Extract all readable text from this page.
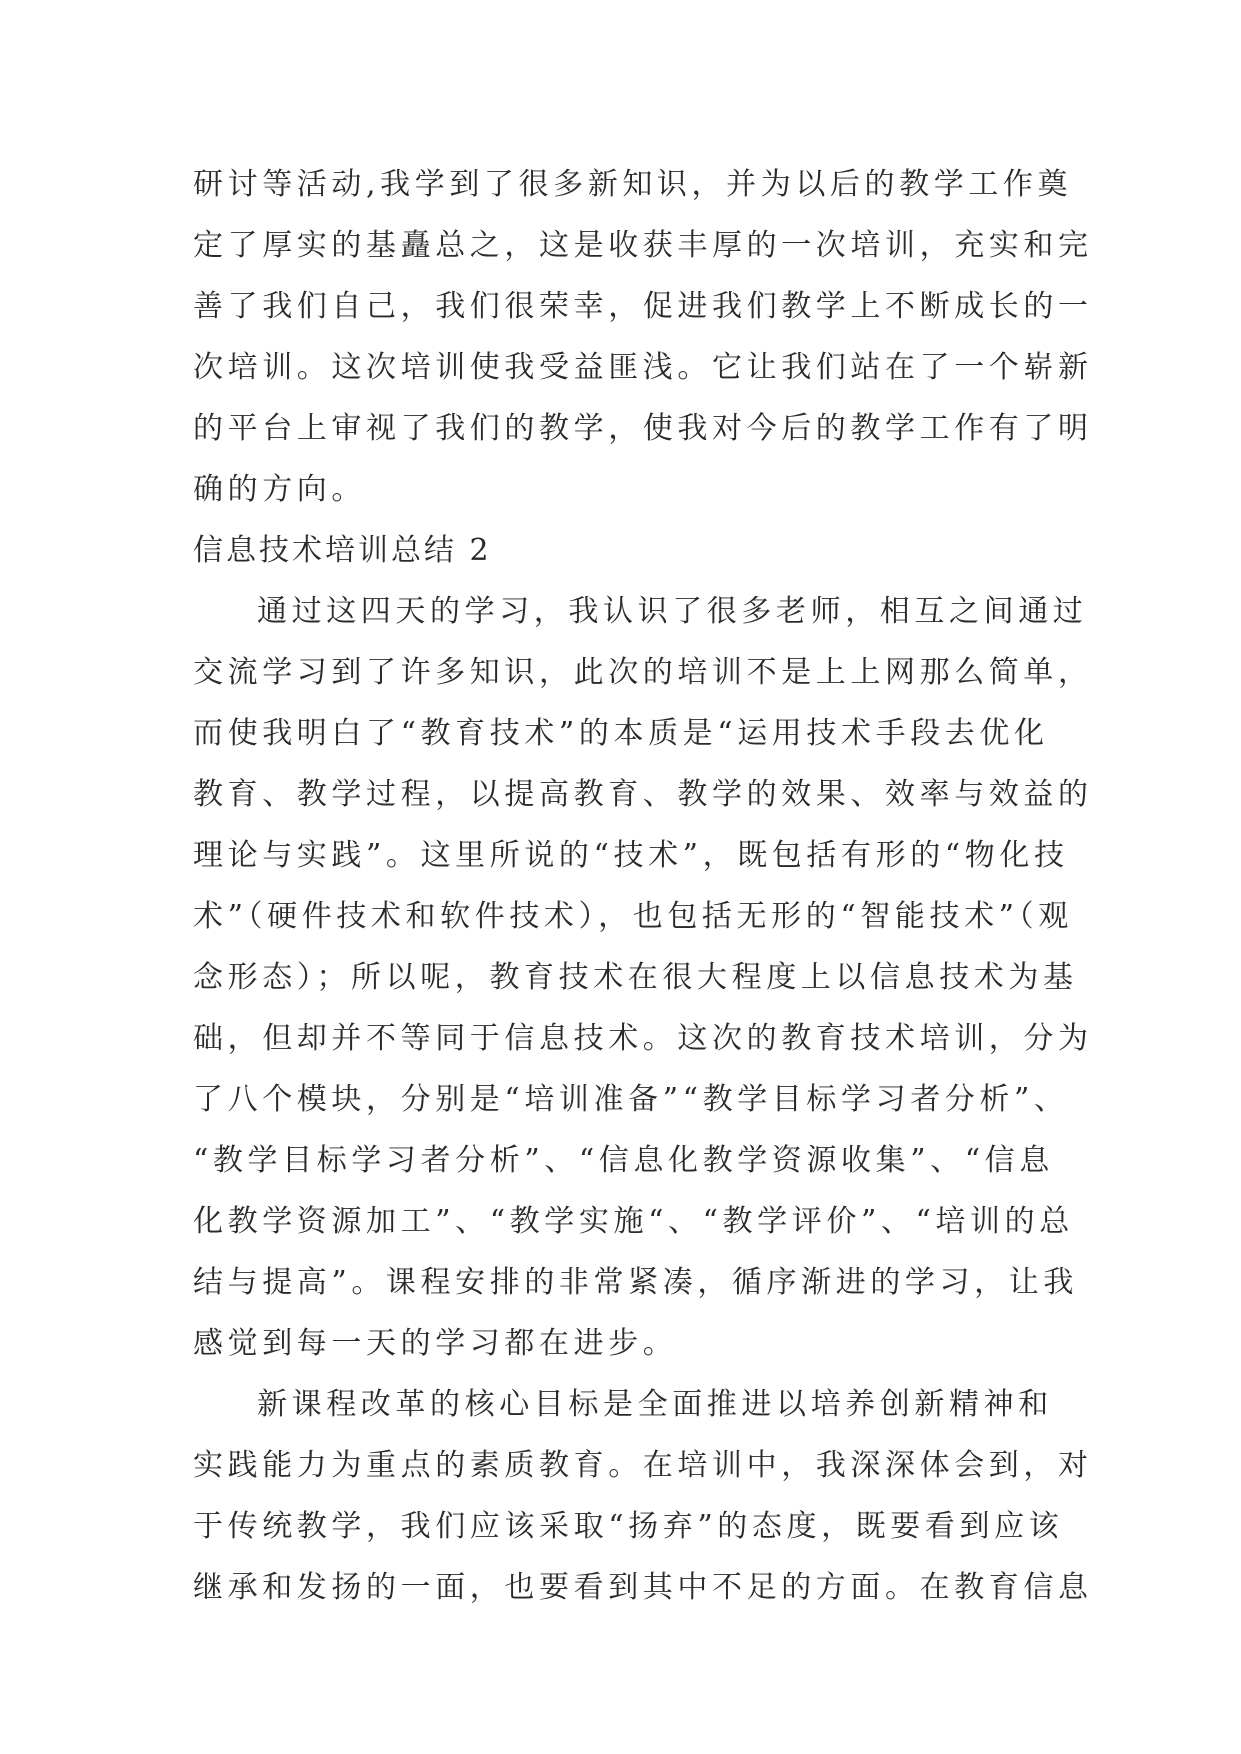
研讨等活动,我学到了很多新知识，并为以后的教学工作奠
定了厚实的基矗总之，这是收获丰厚的一次培训，充实和完
善了我们自己，我们很荣幸，促进我们教学上不断成长的一
次培训。这次培训使我受益匪浅。它让我们站在了一个崭新
的平台上审视了我们的教学，使我对今后的教学工作有了明
确的方向。
信息技术培训总结 2
通过这四天的学习，我认识了很多老师，相互之间通过
交流学习到了许多知识，此次的培训不是上上网那么简单，
而使我明白了“教育技术”的本质是“运用技术手段去优化
教育、教学过程，以提高教育、教学的效果、效率与效益的
理论与实践”。这里所说的“技术”，既包括有形的“物化技
术”（硬件技术和软件技术），也包括无形的“智能技术”（观
念形态）；所以呢，教育技术在很大程度上以信息技术为基
础，但却并不等同于信息技术。这次的教育技术培训，分为
了八个模块，分别是“培训准备”“教学目标学习者分析”、
“教学目标学习者分析”、“信息化教学资源收集”、“信息
化教学资源加工”、“教学实施“、“教学评价”、“培训的总
结与提高”。课程安排的非常紧凑，循序渐进的学习，让我
感觉到每一天的学习都在进步。
新课程改革的核心目标是全面推进以培养创新精神和
实践能力为重点的素质教育。在培训中，我深深体会到，对
于传统教学，我们应该采取“扬弃”的态度，既要看到应该
继承和发扬的一面，也要看到其中不足的方面。在教育信息
